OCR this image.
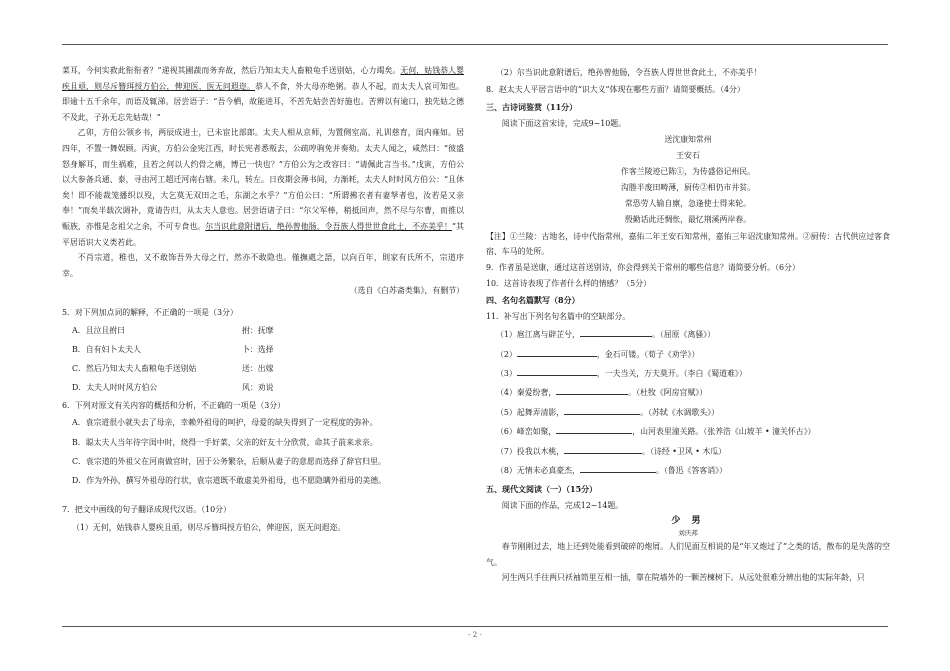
菜耳，今何实救此衔衔者？”递视其圃蔬而务弃故，然后乃知太夫人畜粮龟手送别姑，心力竭矣。无何，姑钱恭人婴疾且亟，则尽斥簪珥授方伯公，俾迎医，医无问遐迩。恭人不食，外大母亦绝粥。恭人不起，而太夫人哀可知也。即逾十五千余年，而语及辄涕。居尝语子：“吾今栖，故能进耳，不苦先姑尝苦好施也。苦辨以有逾口，独先姑之德不及此，子孙无忘先姑哉！”

乙卯，方伯公领乡书，两辰成进士，已未宦比部郎。太夫人相从京师，为置侧室高、礼训慈育，闺内雍如。居四年，不置一舞娱顾。丙寅，方伯公金宪江西，时长宪者悉叛去，公疏哼驹免并奏劾。太夫人闻之，咸然曰：“彼盛怒身解耳，而生祸难，且若之何以人约骨之痛，博已一快也？”方伯公为之改容曰：“请佩此言当书。”戊寅，方伯公以大参备兵通、泰，寻由河工超迁河南右辖。未几，转左。日夜期会薄书间，力渐耗，太夫人时时风方伯公：“且休矣！即不能裁笼播织以殁，大乞莫无双田之毛，东湖之水乎？”方伯公曰：“所谓拂衣者有妻孥者也，汝若是又亲奉！”而矣半载次调补，竟请告归，从太夫人意也。居尝语诸子曰：“尔父军棒，稍抵回声，然不尽与尔曹，而推以赈族，亦惟是念祖父之余，不可专食也。尔当识此意附谱后，绝孙曾他肠，令吾族人得世世食此土，不亦美乎！”其平居语识大义类若此。

不肖宗道，稚也，又不敢饰吾外大母之行，然亦不敢隐也。僅撫處之語，以向百年，則家有氏所不，宗道序幸。

（选自《白苏斋类集》，有删节）

5．对下列加点词的解释，不正确的一项是（3分）

A．且泣且拊曰	拊：抚摩
B．自有妇卜太夫人	卜：选择
C．然后乃知太夫人畜粮龟手送别姑	送：出嫁
D．太夫人时时风方伯公	风：劝说

6．下列对原文有关内容的概括和分析，不正确的一项是（3分）

A．袁宗道很小就失去了母亲，幸赖外祖母的呵护，母爱的缺失得到了一定程度的弥补。
B．聪太夫人当年待字闺中时，烧得一手好菜，父亲的好友十分欣赏，命其子前来求亲。
C．袁宗道的外祖父在河南做官时，因于公务繁杂，后顺从妻子的意愿而选择了辞官归里。
D．作为外孙，撰写外祖母的行状，袁宗道既不敢虚美外祖母，也不愿隐瞒外祖母的美德。

7．把文中画线的句子翻译成现代汉语。（10分）

（1）无何，姑钱恭人婴疾且亟，则尽斥簪珥授方伯公，俾迎医，医无问遐迩。
（2）尔当识此意附谱后，绝孙曾他肠，令吾族人得世世食此土，不亦美乎！

8．赵太夫人平居言语中的“识大义”体现在哪些方面？请简要概括。（4分）

三、古诗词鉴赏（11分）

阅读下面这首宋诗，完成9~10题。

送沈康知常州
王安石
作客兰陵迹已陈①，为传盛俗记州民。
沟塍半废田畴薄，厨传②相仍市井贫。
常恐劳人输自廪，急逢使士得来轮。
殷勤话此还惆怅，最忆荆溪两岸春。

【注】①兰陵：古地名，诗中代指常州，嘉佑二年王安石知常州，嘉佑三年诏沈康知常州。②厨传：古代供应过客食宿、车马的处所。

9．作者虽是送康，通过这首送别诗，你会得到关于常州的哪些信息？请简要分析。（6分）

10．这首诗表现了作者什么样的情感？（5分）

四、名句名篇默写（8分）

11．补写出下列名句名篇中的空缺部分。

（1）扈江离与辟芷兮，	。（屈原《离骚》）
（2）	，金石可镂。（荀子《劝学》）
（3）	，一夫当关，万夫莫开。（李白《蜀道难》）
（4）秦爱纷奢，	。（杜牧《阿房宫赋》）
（5）起舞弄清影，	。（苏轼《水调歌头》）
（6）峰峦如聚，	，山河表里潼关路。（张养浩《山坡羊 • 潼关怀古》）
（7）投我以木桃，	。（诗经 •卫风 • 木瓜）
（8）无情未必真豪杰，	。（鲁迅《答客诮》）

五、现代文阅读（一）（15分）

阅读下面的作品，完成12~14题。

少 男
刘庆邦

春节刚刚过去，地上还到处能看到破碎的炮屑。人们见面互相说的是“年又炮过了”之类的话，散布的是失落的空气。

河生两只手往两只袄袖筒里互相一插，靠在院墙外的一颗苦楝树下。从远处很难分辨出他的实际年龄，只

- 2 -
